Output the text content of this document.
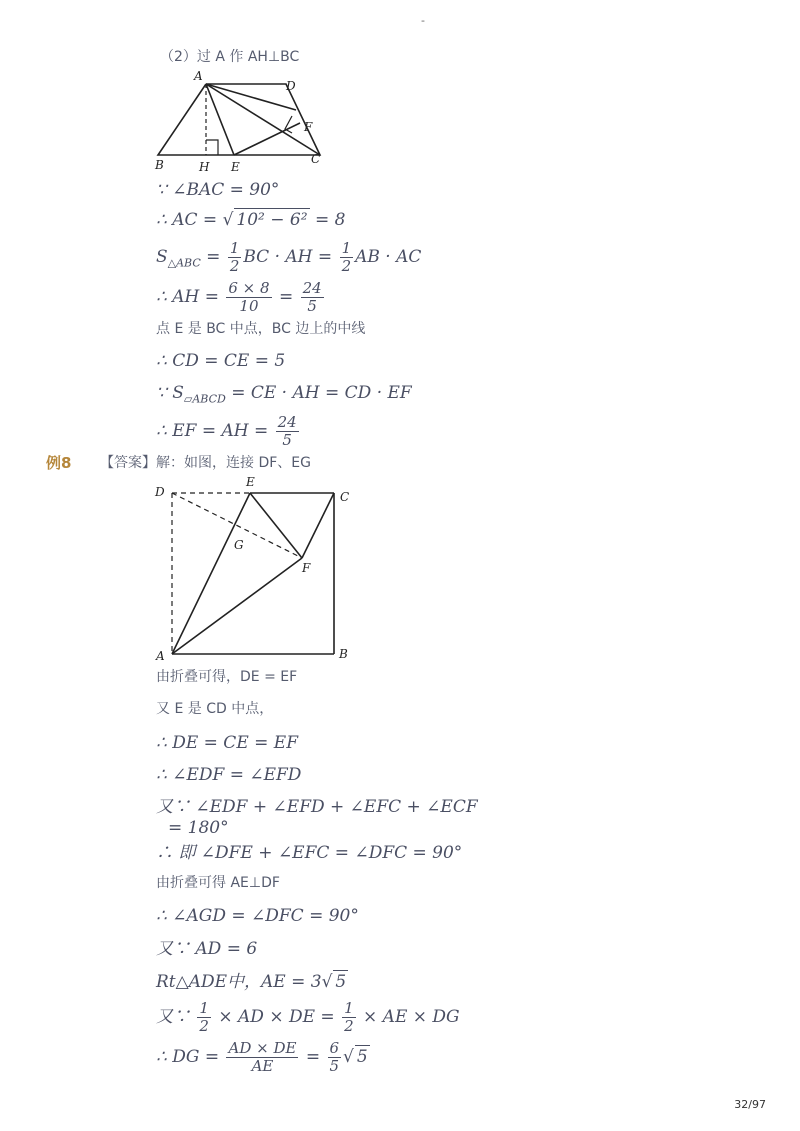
-
（2）过 A 作 AH⊥BC
A
D
F
B	H E
C
∵ ∠BAC = 90°
∴ AC = √ 10² − 6² = 8
$S_{\triangle ABC} = \frac{1}{2}$ BC · AH = $\frac{1}{2}$ AB · AC
∴ AH = $\frac{6 \times 8}{10} = \frac{24}{5}$
点 E 是 BC 中点，BC 边上的中线
∴ CD = CE = 5
∵ $S_{▱ABCD}$ = CE · AH = CD · EF
∴ EF = AH = $\frac{24}{5}$
例8 【答案】解：如图，连接 DF、EG
D
E
C
G
F
A	B
由折叠可得，DE = EF
又 E 是 CD 中点，
∴ DE = CE = EF
∴ ∠EDF = ∠EFD
又∵ ∠EDF + ∠EFD + ∠EFC + ∠ECF
= 180°
∴ 即 ∠DFE + ∠EFC = ∠DFC = 90°
由折叠可得 AE⊥DF
∴ ∠AGD = ∠DFC = 90°
又∵ AD = 6
Rt△ADE中，AE = 3√ 5
又∵ $\frac{1}{2}$ × AD × DE = $\frac{1}{2}$ × AE × DG
∴ DG = $\frac{AD \times DE}{AE} = \frac{6}{5}$ √ 5
32/97
